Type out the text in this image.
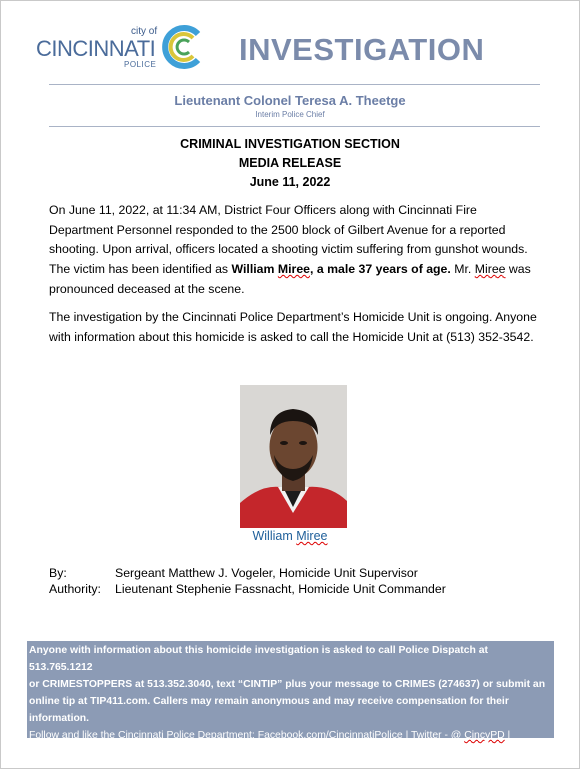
city of
CINCINNATI
POLICE	INVESTIGATION
Lieutenant Colonel Teresa A. Theetge
Interim Police Chief
CRIMINAL INVESTIGATION SECTION
MEDIA RELEASE
June 11, 2022
On June 11, 2022, at 11:34 AM, District Four Officers along with Cincinnati Fire
Department Personnel responded to the 2500 block of Gilbert Avenue for a reported
shooting. Upon arrival, officers located a shooting victim suffering from gunshot wounds.
The victim has been identified as William Miree, a male 37 years of age. Mr. Miree was
pronounced deceased at the scene.
The investigation by the Cincinnati Police Department’s Homicide Unit is ongoing. Anyone
with information about this homicide is asked to call the Homicide Unit at (513) 352-3542.
William Miree
By:	Sergeant Matthew J. Vogeler, Homicide Unit Supervisor
Authority: Lieutenant Stephenie Fassnacht, Homicide Unit Commander
Anyone with information about this homicide investigation is asked to call Police Dispatch at 513.765.1212
or CRIMESTOPPERS at 513.352.3040, text “CINTIP” plus your message to CRIMES (274637) or submit an
online tip at TIP411.com. Callers may remain anonymous and may receive compensation for their
information.
Follow and like the Cincinnati Police Department: Facebook.com/CincinnatiPolice | Twitter - @ CincyPD |
Nextdoor - Cincinnati Police | Instagram.com/CincinnatiPolice
